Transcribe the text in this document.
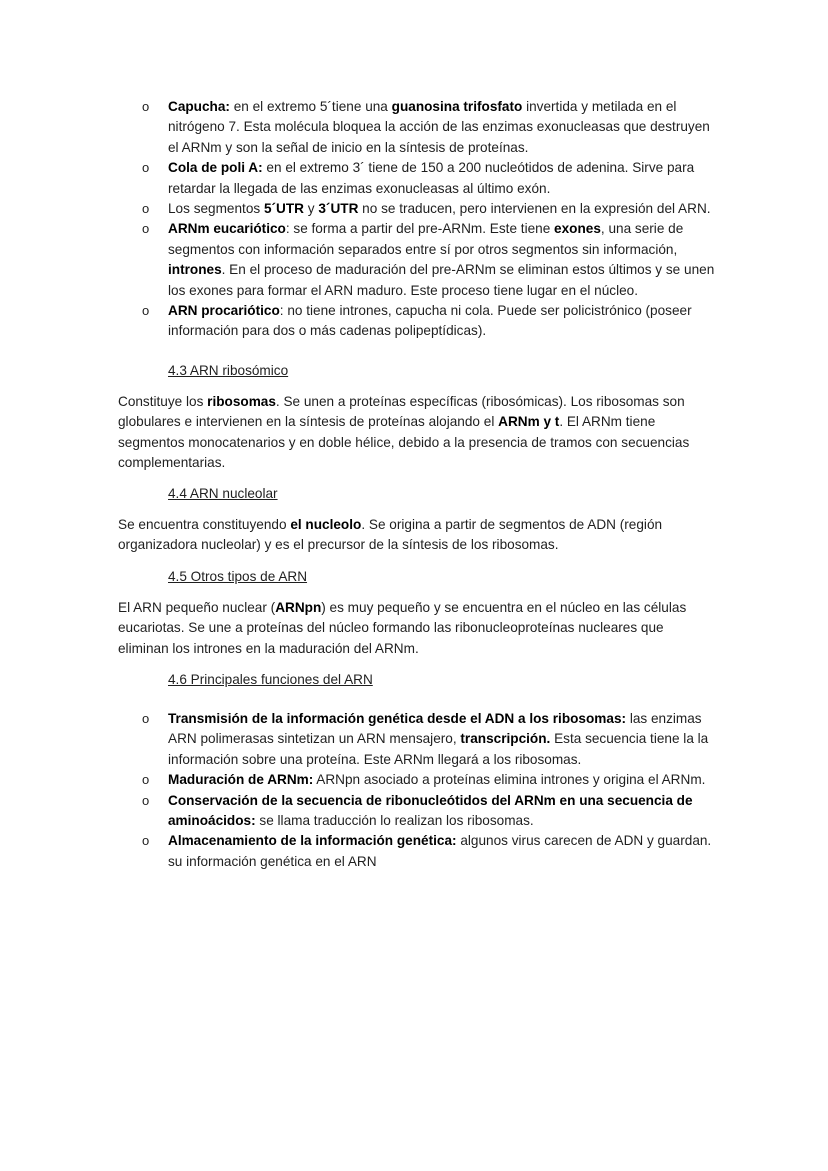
o	Capucha: en el extremo 5´tiene una guanosina trifosfato invertida y metilada en el nitrógeno 7. Esta molécula bloquea la acción de las enzimas exonucleasas que destruyen el ARNm y son la señal de inicio en la síntesis de proteínas.
o	Cola de poli A: en el extremo 3´ tiene de 150 a 200 nucleótidos de adenina. Sirve para retardar la llegada de las enzimas exonucleasas al último exón.
o	Los segmentos 5´UTR y 3´UTR no se traducen, pero intervienen en la expresión del ARN.
o	ARNm eucariótico: se forma a partir del pre-ARNm. Este tiene exones, una serie de segmentos con información separados entre sí por otros segmentos sin información, intrones. En el proceso de maduración del pre-ARNm se eliminan estos últimos y se unen los exones para formar el ARN maduro. Este proceso tiene lugar en el núcleo.
o	ARN procariótico: no tiene intrones, capucha ni cola. Puede ser policistrónico (poseer información para dos o más cadenas polipeptídicas).
4.3 ARN ribosómico

Constituye los ribosomas. Se unen a proteínas específicas (ribosómicas). Los ribosomas son globulares e intervienen en la síntesis de proteínas alojando el ARNm y t. El ARNm tiene segmentos monocatenarios y en doble hélice, debido a la presencia de tramos con secuencias complementarias.

4.4 ARN nucleolar

Se encuentra constituyendo el nucleolo. Se origina a partir de segmentos de ADN (región organizadora nucleolar) y es el precursor de la síntesis de los ribosomas.

4.5 Otros tipos de ARN

El ARN pequeño nuclear (ARNpn) es muy pequeño y se encuentra en el núcleo en las células eucariotas. Se une a proteínas del núcleo formando las ribonucleoproteínas nucleares que eliminan los intrones en la maduración del ARNm.

4.6 Principales funciones del ARN
o	Transmisión de la información genética desde el ADN a los ribosomas: las enzimas ARN polimerasas sintetizan un ARN mensajero, transcripción. Esta secuencia tiene la la información sobre una proteína. Este ARNm llegará a los ribosomas.
o	Maduración de ARNm: ARNpn asociado a proteínas elimina intrones y origina el ARNm.
o	Conservación de la secuencia de ribonucleótidos del ARNm en una secuencia de aminoácidos: se llama traducción lo realizan los ribosomas.
o	Almacenamiento de la información genética: algunos virus carecen de ADN y guardan. su información genética en el ARN
